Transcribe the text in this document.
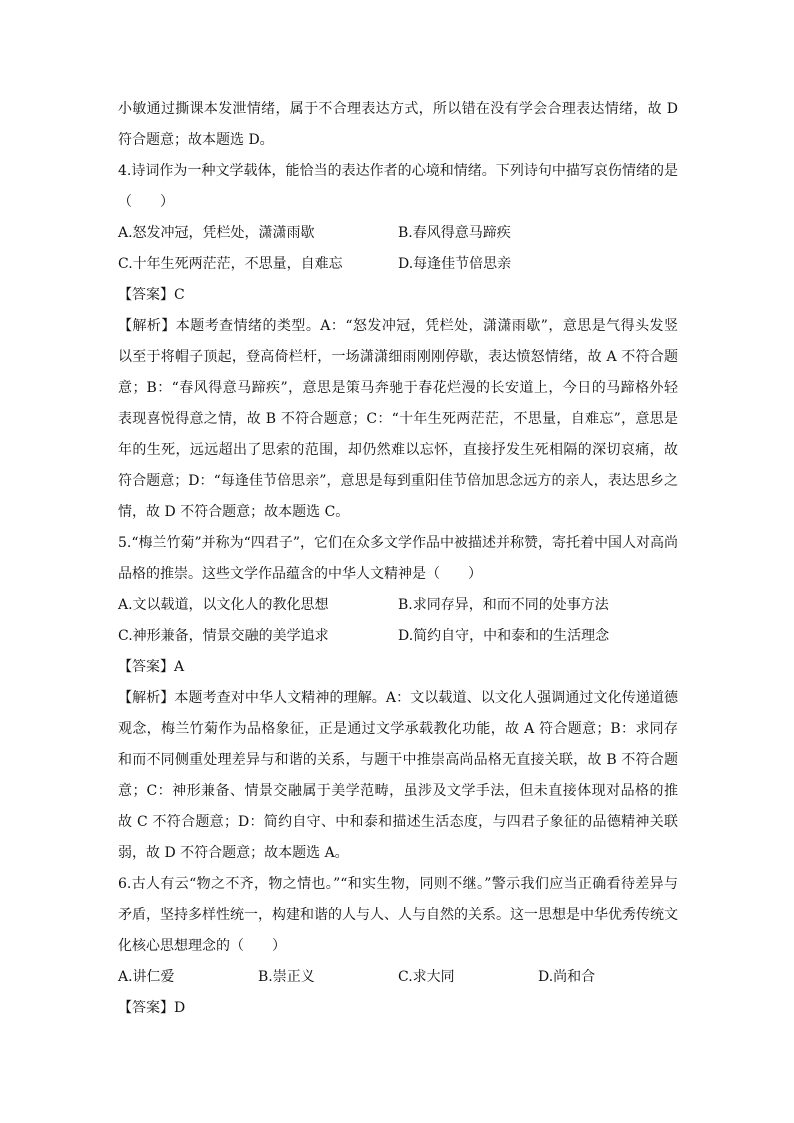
小敏通过撕课本发泄情绪，属于不合理表达方式，所以错在没有学会合理表达情绪，故 D
符合题意；故本题选 D。
4.诗词作为一种文学载体，能恰当的表达作者的心境和情绪。下列诗句中描写哀伤情绪的是
（　　）
A.怒发冲冠，凭栏处，潇潇雨歇	B.春风得意马蹄疾
C.十年生死两茫茫，不思量，自难忘	D.每逢佳节倍思亲
【答案】C
【解析】本题考查情绪的类型。A：“怒发冲冠，凭栏处，潇潇雨歇”，意思是气得头发竖
以至于将帽子顶起，登高倚栏杆，一场潇潇细雨刚刚停歇，表达愤怒情绪，故 A 不符合题
意；B：“春风得意马蹄疾”，意思是策马奔驰于春花烂漫的长安道上，今日的马蹄格外轻
表现喜悦得意之情，故 B 不符合题意；C：“十年生死两茫茫，不思量，自难忘”，意思是
年的生死，远远超出了思索的范围，却仍然难以忘怀，直接抒发生死相隔的深切哀痛，故
符合题意；D：“每逢佳节倍思亲”，意思是每到重阳佳节倍加思念远方的亲人，表达思乡之
情，故 D 不符合题意；故本题选 C。
5.“梅兰竹菊”并称为“四君子”，它们在众多文学作品中被描述并称赞，寄托着中国人对高尚
品格的推崇。这些文学作品蕴含的中华人文精神是（　　）
A.文以载道，以文化人的教化思想	B.求同存异，和而不同的处事方法
C.神形兼备，情景交融的美学追求	D.简约自守，中和泰和的生活理念
【答案】A
【解析】本题考查对中华人文精神的理解。A：文以载道、以文化人强调通过文化传递道德
观念，梅兰竹菊作为品格象征，正是通过文学承载教化功能，故 A 符合题意；B：求同存
和而不同侧重处理差异与和谐的关系，与题干中推崇高尚品格无直接关联，故 B 不符合题
意；C：神形兼备、情景交融属于美学范畴，虽涉及文学手法，但未直接体现对品格的推
故 C 不符合题意；D：简约自守、中和泰和描述生活态度，与四君子象征的品德精神关联
弱，故 D 不符合题意；故本题选 A。
6.古人有云“物之不齐，物之情也。”“和实生物，同则不继。”警示我们应当正确看待差异与
矛盾，坚持多样性统一，构建和谐的人与人、人与自然的关系。这一思想是中华优秀传统文
化核心思想理念的（　　）
A.讲仁爱	B.崇正义	C.求大同	D.尚和合
【答案】D
